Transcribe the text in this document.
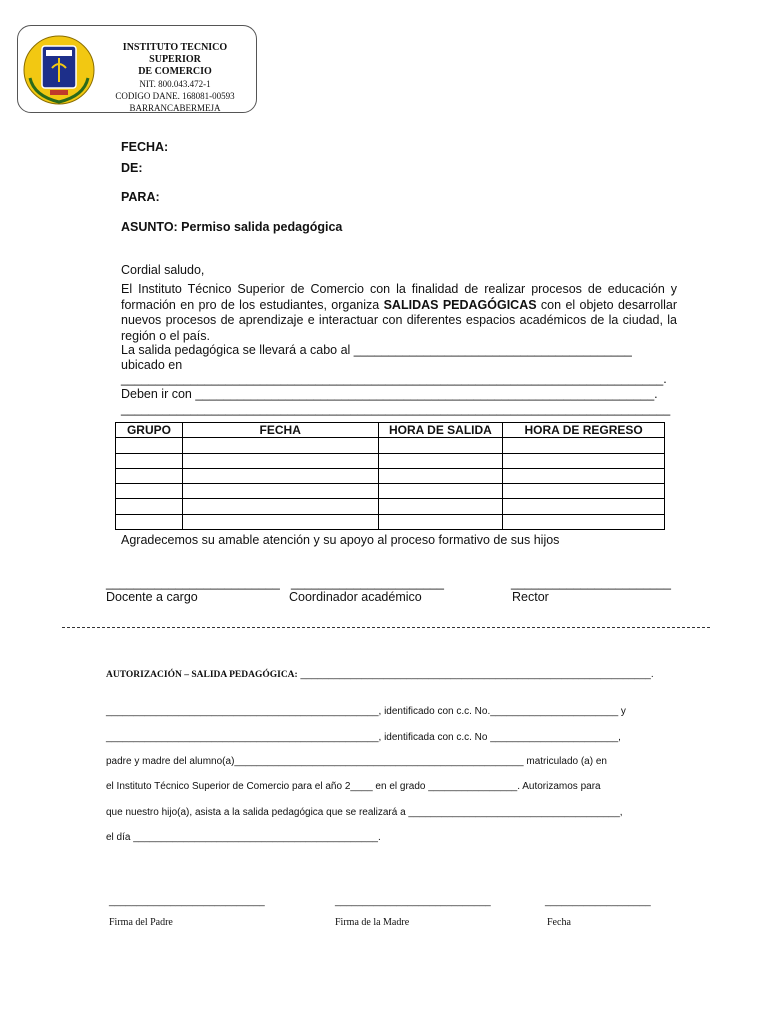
INSTITUTO TECNICO SUPERIOR
DE COMERCIO
NIT. 800.043.472-1
CODIGO DANE. 168081-00593
BARRANCABERMEJA
FECHA:
DE:
PARA:
ASUNTO: Permiso salida pedagógica
Cordial saludo,
El Instituto Técnico Superior de Comercio con la finalidad de realizar procesos de educación y formación en pro de los estudiantes, organiza SALIDAS PEDAGÓGICAS con el objeto desarrollar nuevos procesos de aprendizaje e interactuar con diferentes espacios académicos de la ciudad, la región o el país.
La salida pedagógica se llevará a cabo al ________________________________________
ubicado en
______________________________________________________________________________.
Deben ir con __________________________________________________________________.
_______________________________________________________________________________
GRUPO	FECHA	HORA DE SALIDA	HORA DE REGRESO

Agradecemos su amable atención y su apoyo al proceso formativo de sus hijos
_________________________ ______________________	_______________________
Docente a cargo	Coordinador académico	Rector
AUTORIZACIÓN – SALIDA PEDAGÓGICA: _______________________________________________________________.
_________________________________________________, identificado con c.c. No._______________________ y
_________________________________________________, identificada con c.c. No _______________________,
padre y madre del alumno(a)____________________________________________________ matriculado (a) en
el Instituto Técnico Superior de Comercio para el año 2____ en el grado ________________. Autorizamos para
que nuestro hijo(a), asista a la salida pedagógica que se realizará a ______________________________________,
el día ____________________________________________.
____________________________	____________________________	___________________
Firma del Padre	Firma de la Madre	Fecha
